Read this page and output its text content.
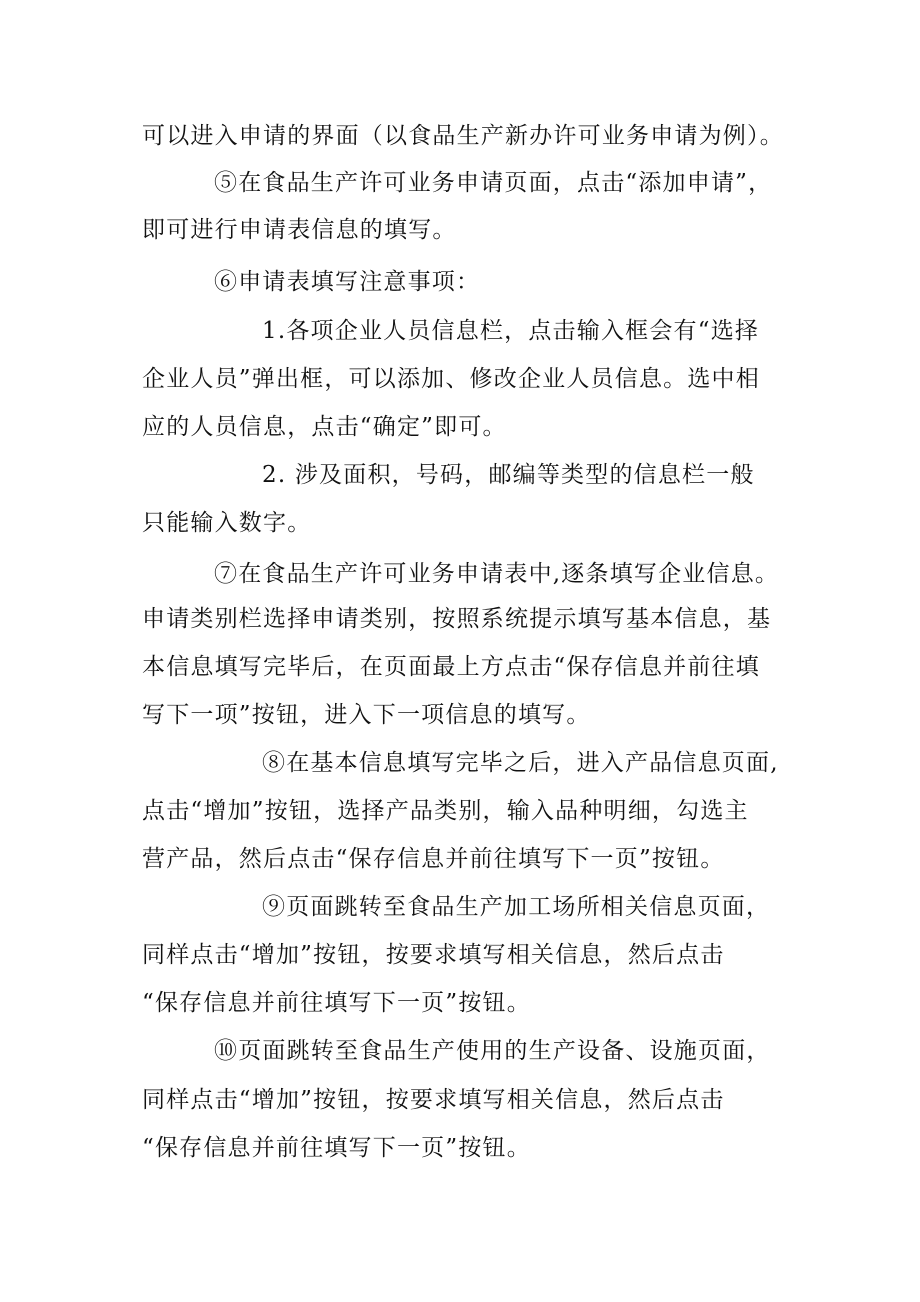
可以进入申请的界面（以食品生产新办许可业务申请为例）。
⑤在食品生产许可业务申请页面，点击“添加申请”，
即可进行申请表信息的填写。
⑥申请表填写注意事项：
1.各项企业人员信息栏，点击输入框会有“选择
企业人员”弹出框，可以添加、修改企业人员信息。选中相
应的人员信息，点击“确定”即可。
2. 涉及面积，号码，邮编等类型的信息栏一般
只能输入数字。
⑦在食品生产许可业务申请表中,逐条填写企业信息。
申请类别栏选择申请类别，按照系统提示填写基本信息，基
本信息填写完毕后，在页面最上方点击“保存信息并前往填
写下一项”按钮，进入下一项信息的填写。
⑧在基本信息填写完毕之后，进入产品信息页面,
点击“增加”按钮，选择产品类别，输入品种明细，勾选主
营产品，然后点击“保存信息并前往填写下一页”按钮。
⑨页面跳转至食品生产加工场所相关信息页面，
同样点击“增加”按钮，按要求填写相关信息，然后点击
“保存信息并前往填写下一页”按钮。
⑩页面跳转至食品生产使用的生产设备、设施页面，
同样点击“增加”按钮，按要求填写相关信息，然后点击
“保存信息并前往填写下一页”按钮。
